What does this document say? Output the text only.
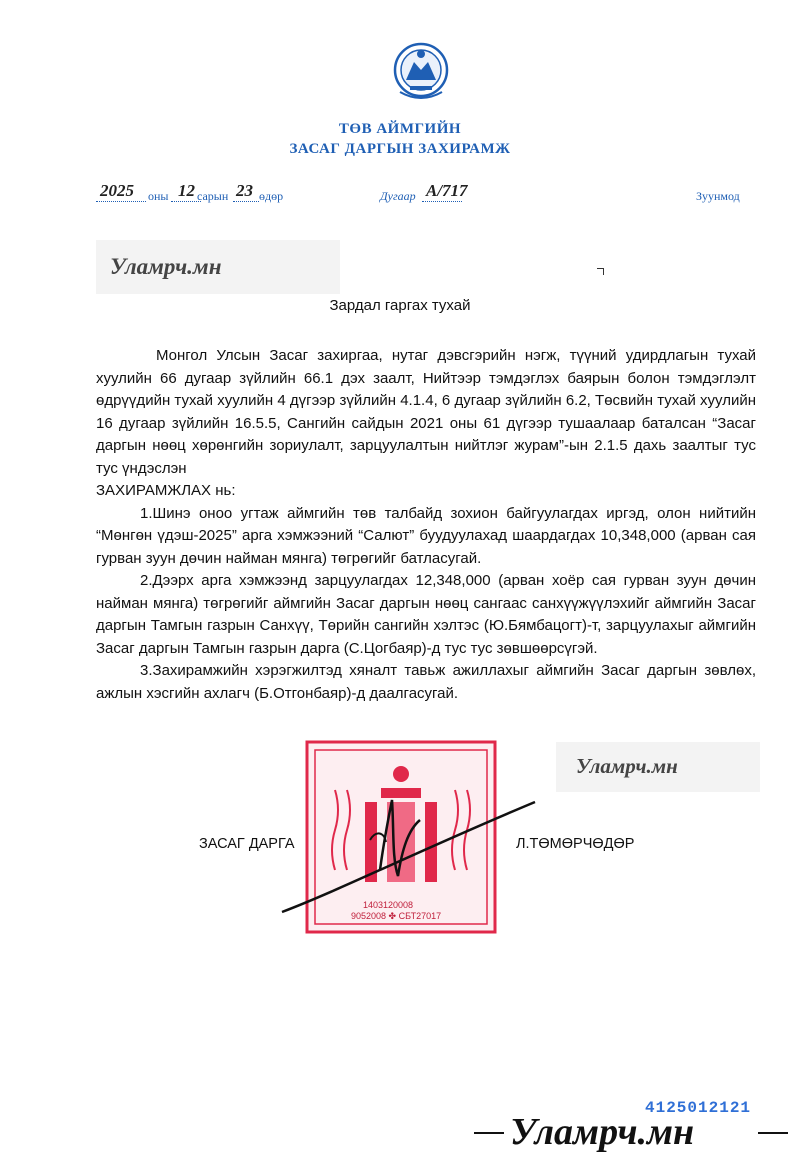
ТӨВ АЙМГИЙН
ЗАСАГ ДАРГЫН ЗАХИРАМЖ
2025 оны 12 сарын 23 өдөр	Дугаар А/717	Зуунмод
Уламрч.мн
Зардал гаргах тухай

Монгол Улсын Засаг захиргаа, нутаг дэвсгэрийн нэгж, түүний удирдлагын тухай хуулийн 66 дугаар зүйлийн 66.1 дэх заалт, Нийтээр тэмдэглэх баярын болон тэмдэглэлт өдрүүдийн тухай хуулийн 4 дүгээр зүйлийн 4.1.4, 6 дугаар зүйлийн 6.2, Төсвийн тухай хуулийн 16 дугаар зүйлийн 16.5.5, Сангийн сайдын 2021 оны 61 дүгээр тушаалаар баталсан “Засаг даргын нөөц хөрөнгийн зориулалт, зарцуулалтын нийтлэг журам”-ын 2.1.5 дахь заалтыг тус тус үндэслэн

ЗАХИРАМЖЛАХ нь:

1.Шинэ оноо угтаж аймгийн төв талбайд зохион байгуулагдах иргэд, олон нийтийн “Мөнгөн үдэш-2025” арга хэмжээний “Салют” буудуулахад шаардагдах 10,348,000 (арван сая гурван зуун дөчин найман мянга) төгрөгийг батласугай.

2.Дээрх арга хэмжээнд зарцуулагдах 12,348,000 (арван хоёр сая гурван зуун дөчин найман мянга) төгрөгийг аймгийн Засаг даргын нөөц сангаас санхүүжүүлэхийг аймгийн Засаг даргын Тамгын газрын Санхүү, Төрийн сангийн хэлтэс (Ю.Бямбацогт)-т, зарцуулахыг аймгийн Засаг даргын Тамгын газрын дарга (С.Цогбаяр)-д тус тус зөвшөөрсүгэй.

3.Захирамжийн хэрэгжилтэд хяналт тавьж ажиллахыг аймгийн Засаг даргын зөвлөх, ажлын хэсгийн ахлагч (Б.Отгонбаяр)-д даалгасугай.

1403120008
9052008 ✤ СБТ27017
ЗАСАГ ДАРГА	Л.ТӨМӨРЧӨДӨР
Уламрч.мн
4125012121
Уламрч.мн
